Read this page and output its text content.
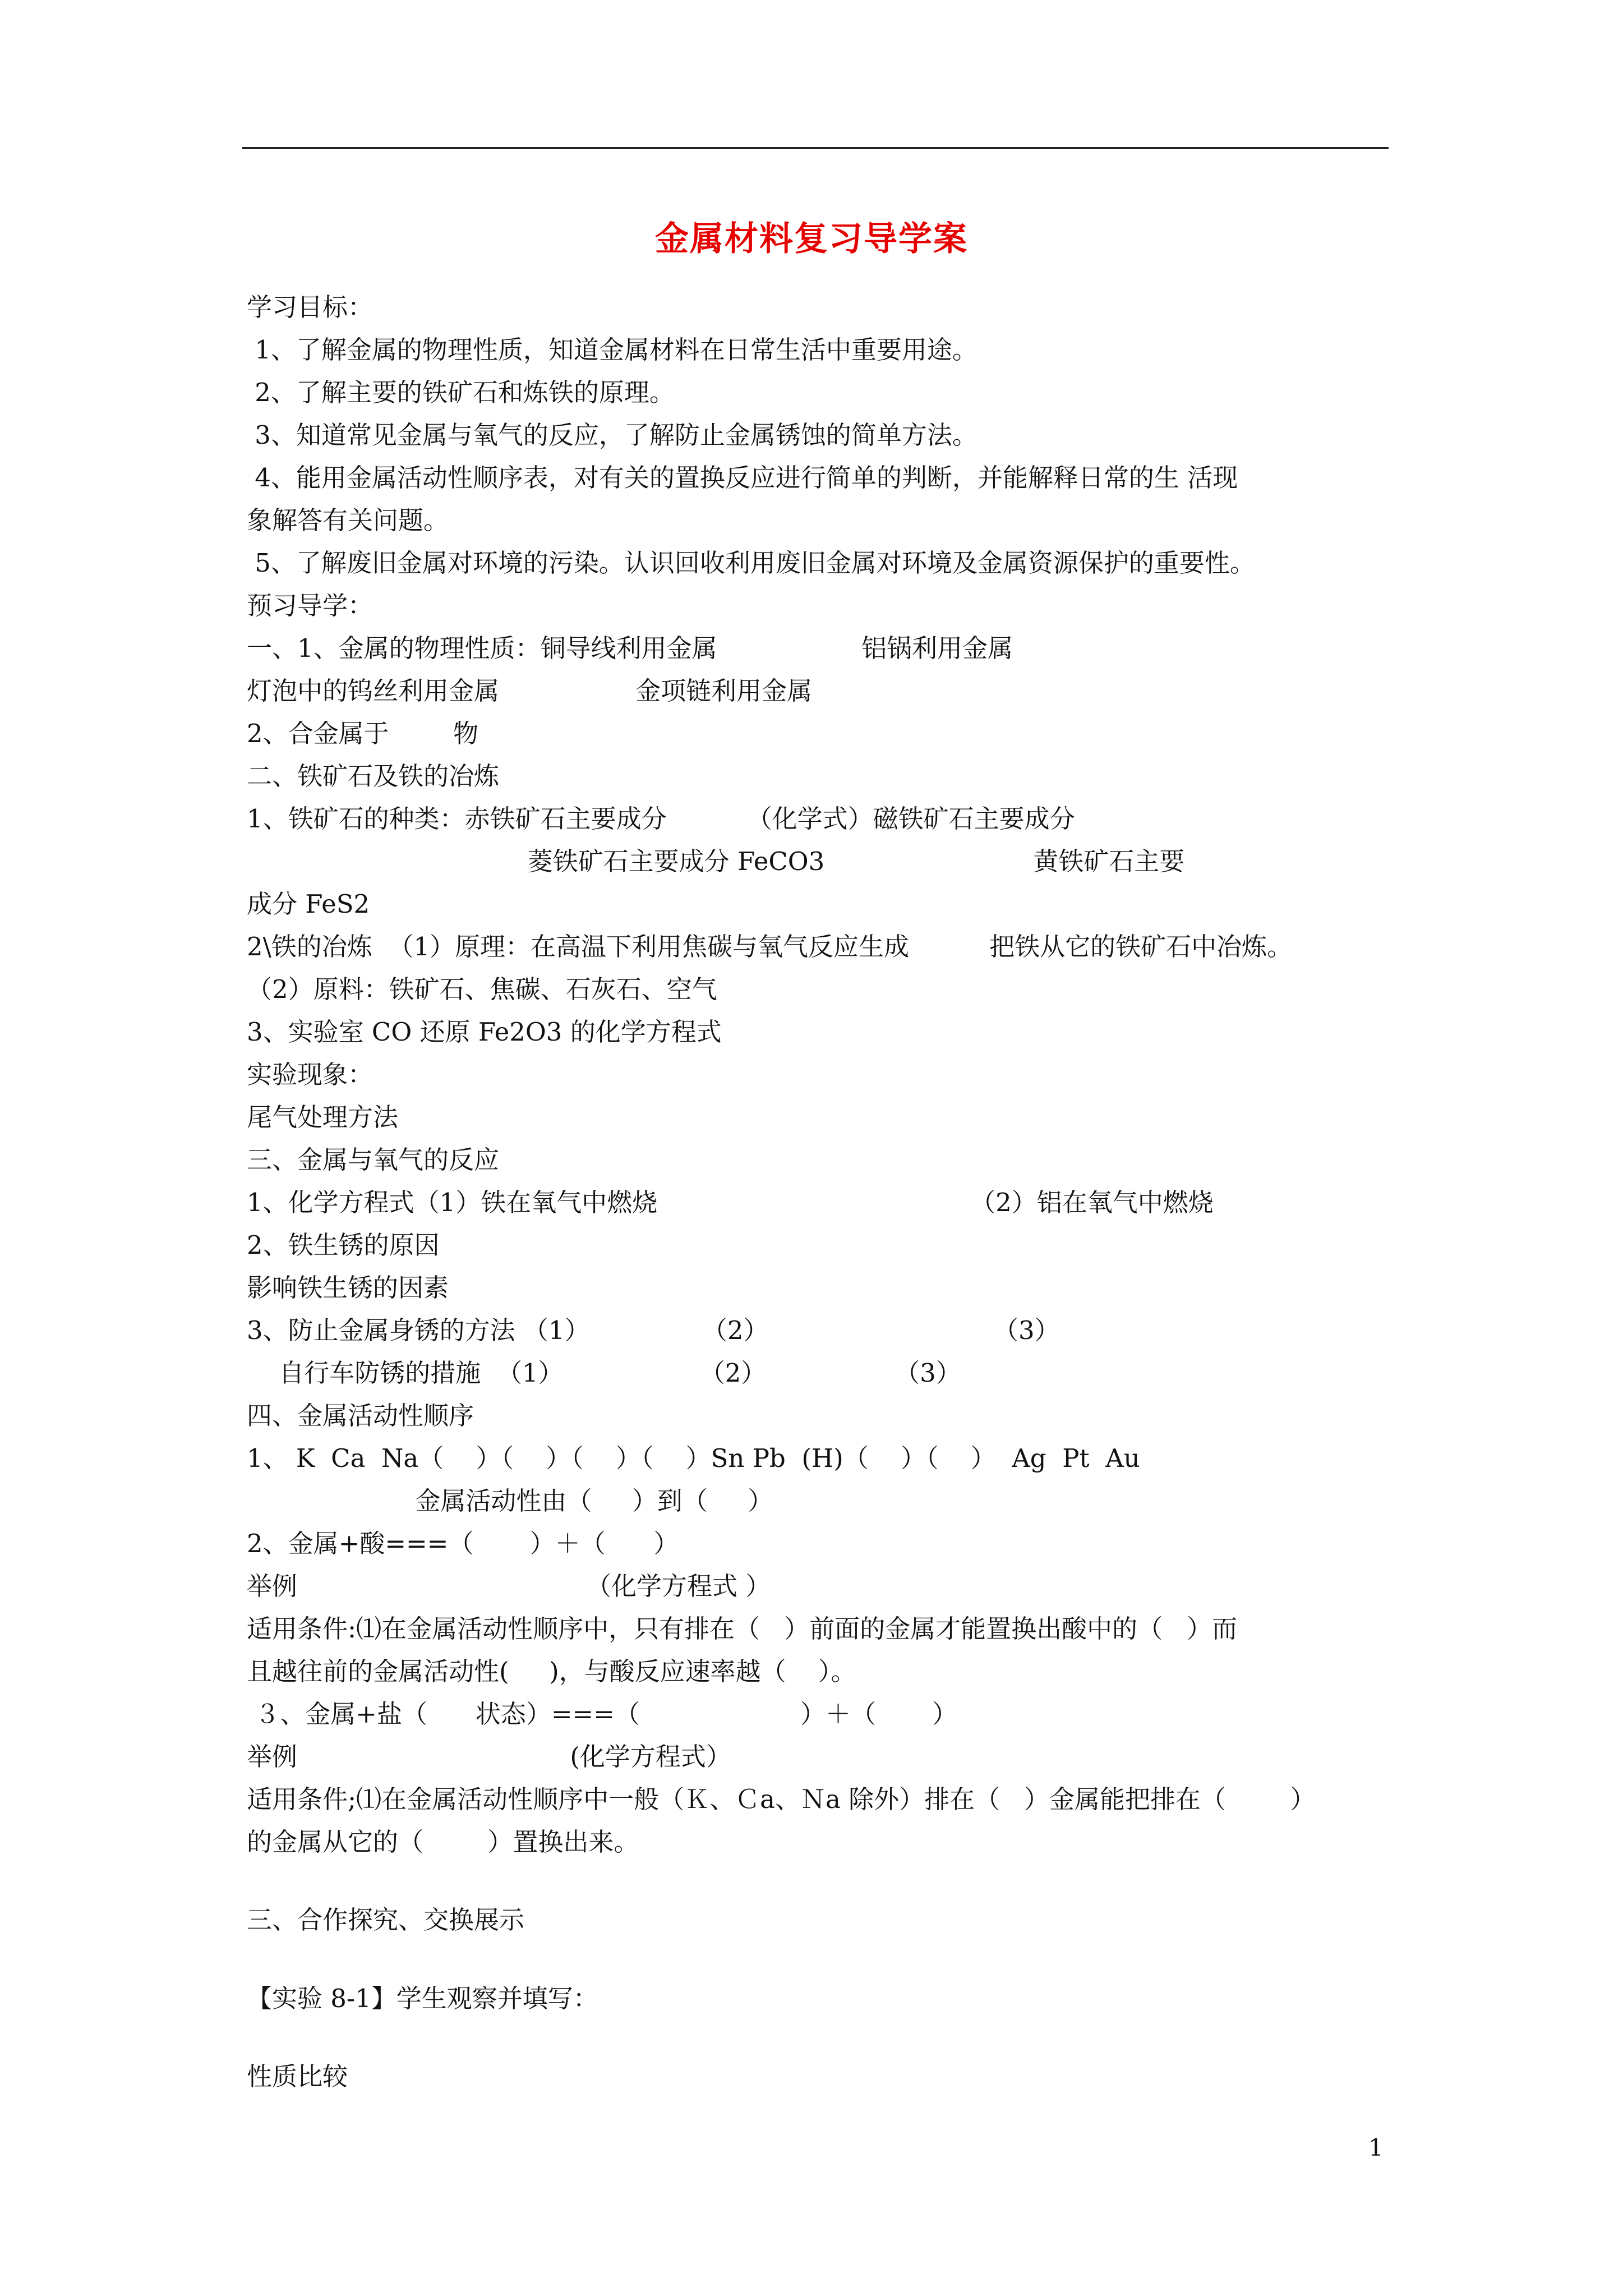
金属材料复习导学案
学习目标：
1、了解金属的物理性质，知道金属材料在日常生活中重要用途。
2、了解主要的铁矿石和炼铁的原理。
3、知道常见金属与氧气的反应，了解防止金属锈蚀的简单方法。
4、能用金属活动性顺序表，对有关的置换反应进行简单的判断，并能解释日常的生 活现
象解答有关问题。
5、了解废旧金属对环境的污染。认识回收利用废旧金属对环境及金属资源保护的重要性。
预习导学：
一、1、金属的物理性质：铜导线利用金属                  铝锅利用金属
灯泡中的钨丝利用金属                 金项链利用金属
2、合金属于        物
二、铁矿石及铁的冶炼
1、铁矿石的种类：赤铁矿石主要成分          （化学式）磁铁矿石主要成分
菱铁矿石主要成分 FeCO3                          黄铁矿石主要
成分 FeS2
2\铁的冶炼  （1）原理：在高温下利用焦碳与氧气反应生成          把铁从它的铁矿石中冶炼。
（2）原料：铁矿石、焦碳、石灰石、空气
3、实验室 CO 还原 Fe2O3 的化学方程式
实验现象：
尾气处理方法
三、金属与氧气的反应
1、化学方程式（1）铁在氧气中燃烧                                       （2）铝在氧气中燃烧
2、铁生锈的原因
影响铁生锈的因素
3、防止金属身锈的方法 （1）              （2）                            （3）
自行车防锈的措施  （1）                 （2）                （3）
四、金属活动性顺序
1、 K  Ca  Na（    ）（    ）（    ）（    ）Sn Pb  (H)（    ）（    ）  Ag  Pt  Au
金属活动性由（     ）到（     ）
2、金属+酸===（       ）＋（      ）
举例                                    （化学方程式 ）
适用条件:⑴在金属活动性顺序中，只有排在（   ）前面的金属才能置换出酸中的（   ）而
且越往前的金属活动性(     )，与酸反应速率越（    ）。
３、金属+盐（      状态）===（                    ）＋（       ）
举例                                  (化学方程式）
适用条件;⑴在金属活动性顺序中一般（Ｋ、Ｃa、Ｎa 除外）排在（   ）金属能把排在（        ）
的金属从它的（        ）置换出来。
三、合作探究、交换展示
【实验 8-1】学生观察并填写：
性质比较
1
